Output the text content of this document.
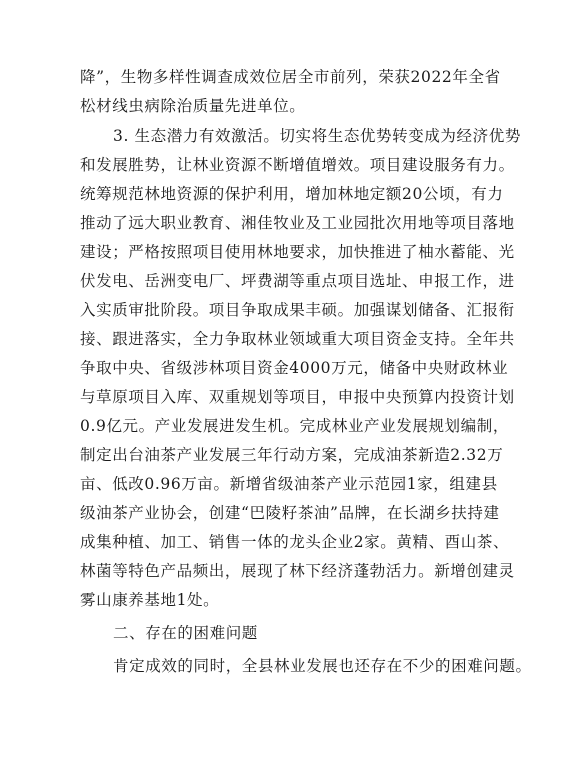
降”，生物多样性调查成效位居全市前列，荣获2022年全省
松材线虫病除治质量先进单位。
3. 生态潜力有效激活。切实将生态优势转变成为经济优势
和发展胜势，让林业资源不断增值增效。项目建设服务有力。
统筹规范林地资源的保护利用，增加林地定额20公顷，有力
推动了远大职业教育、湘佳牧业及工业园批次用地等项目落地
建设；严格按照项目使用林地要求，加快推进了柚水蓄能、光
伏发电、岳洲变电厂、坪费湖等重点项目选址、申报工作，进
入实质审批阶段。项目争取成果丰硕。加强谋划储备、汇报衔
接、跟进落实，全力争取林业领域重大项目资金支持。全年共
争取中央、省级涉林项目资金4000万元，储备中央财政林业
与草原项目入库、双重规划等项目，申报中央预算内投资计划
0.9亿元。产业发展进发生机。完成林业产业发展规划编制，
制定出台油茶产业发展三年行动方案，完成油茶新造2.32万
亩、低改0.96万亩。新增省级油茶产业示范园1家，组建县
级油茶产业协会，创建“巴陵籽茶油”品牌，在长湖乡扶持建
成集种植、加工、销售一体的龙头企业2家。黄精、酉山茶、
林菌等特色产品频出，展现了林下经济蓬勃活力。新增创建灵
雾山康养基地1处。
二、存在的困难问题
肯定成效的同时，全县林业发展也还存在不少的困难问题。
